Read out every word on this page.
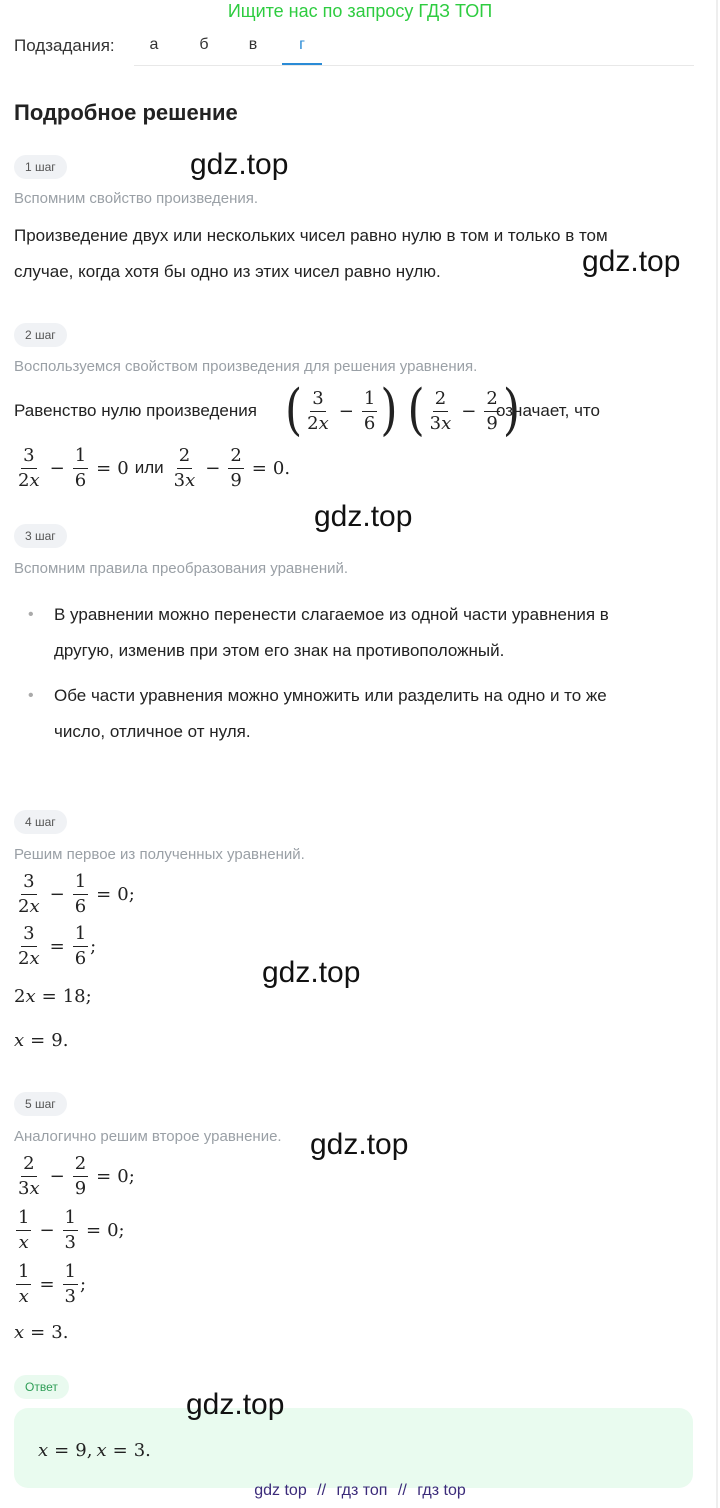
Ищите нас по запросу ГДЗ ТОП
Подзадания:	а	б	в	г
Подробное решение
1 шаг	gdz.top
Вспомним свойство произведения.
Произведение двух или нескольких чисел равно нулю в том и только в том
случае, когда хотя бы одно из этих чисел равно нулю.	gdz.top
2 шаг
Воспользуемся свойством произведения для решения уравнения.
Равенство нулю произведения ( $\frac{3}{2x} - \frac{1}{6}$ ) ( $\frac{2}{3x} - \frac{2}{9}$ )
означает, что
$\frac{3}{2x} - \frac{1}{6} = 0$ или $\frac{2}{3x} - \frac{2}{9} = 0$.
gdz.top
3 шаг
Вспомним правила преобразования уравнений.
• В уравнении можно перенести слагаемое из одной части уравнения в
другую, изменив при этом его знак на противоположный.
• Обе части уравнения можно умножить или разделить на одно и то же
число, отличное от нуля.
4 шаг
Решим первое из полученных уравнений.
$\frac{3}{2x} - \frac{1}{6} = 0$;
$\frac{3}{2x} = \frac{1}{6}$ ;
gdz.top
2x = 18;
x = 9.
5 шаг
Аналогично решим второе уравнение. gdz.top
$\frac{2}{3x} - \frac{2}{9} = 0$;
$\frac{1}{x} - \frac{1}{3} = 0$;
$\frac{1}{x} = \frac{1}{3}$ ;
x = 3.
Ответ
gdz.top
x = 9, x = 3.
gdz top // гдз топ // гдз top
